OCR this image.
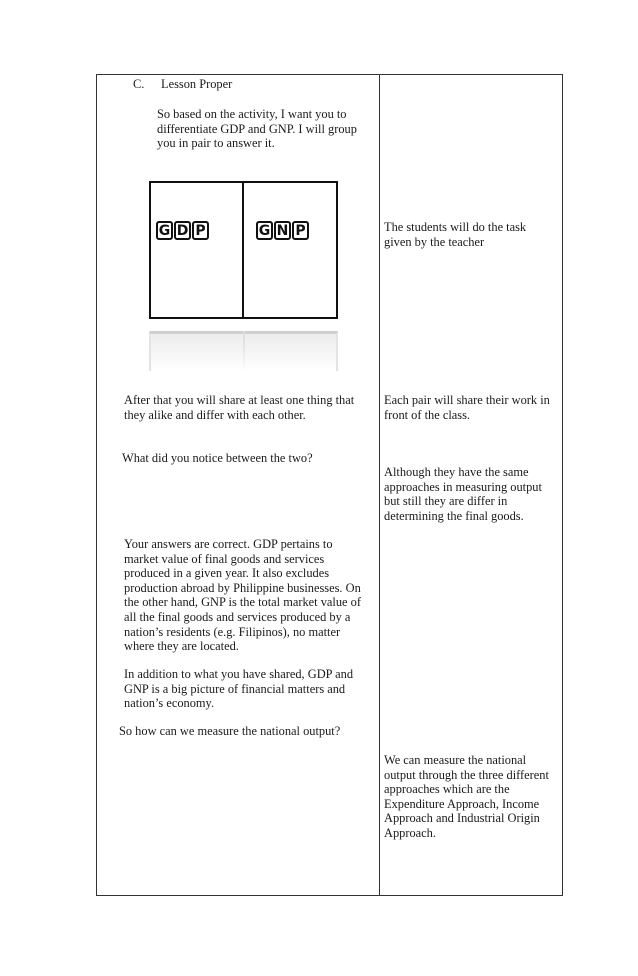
C. Lesson Proper

So based on the activity, I want you to
differentiate GDP and GNP. I will group
you in pair to answer it.

G D P	G N P

After that you will share at least one thing that
they alike and differ with each other.

What did you notice between the two?

Your answers are correct. GDP pertains to
market value of final goods and services
produced in a given year. It also excludes
production abroad by Philippine businesses. On
the other hand, GNP is the total market value of
all the final goods and services produced by a
nation’s residents (e.g. Filipinos), no matter
where they are located.

In addition to what you have shared, GDP and
GNP is a big picture of financial matters and
nation’s economy.

So how can we measure the national output?

The students will do the task
given by the teacher

Each pair will share their work in
front of the class.

Although they have the same
approaches in measuring output
but still they are differ in
determining the final goods.

We can measure the national
output through the three different
approaches which are the
Expenditure Approach, Income
Approach and Industrial Origin
Approach.
